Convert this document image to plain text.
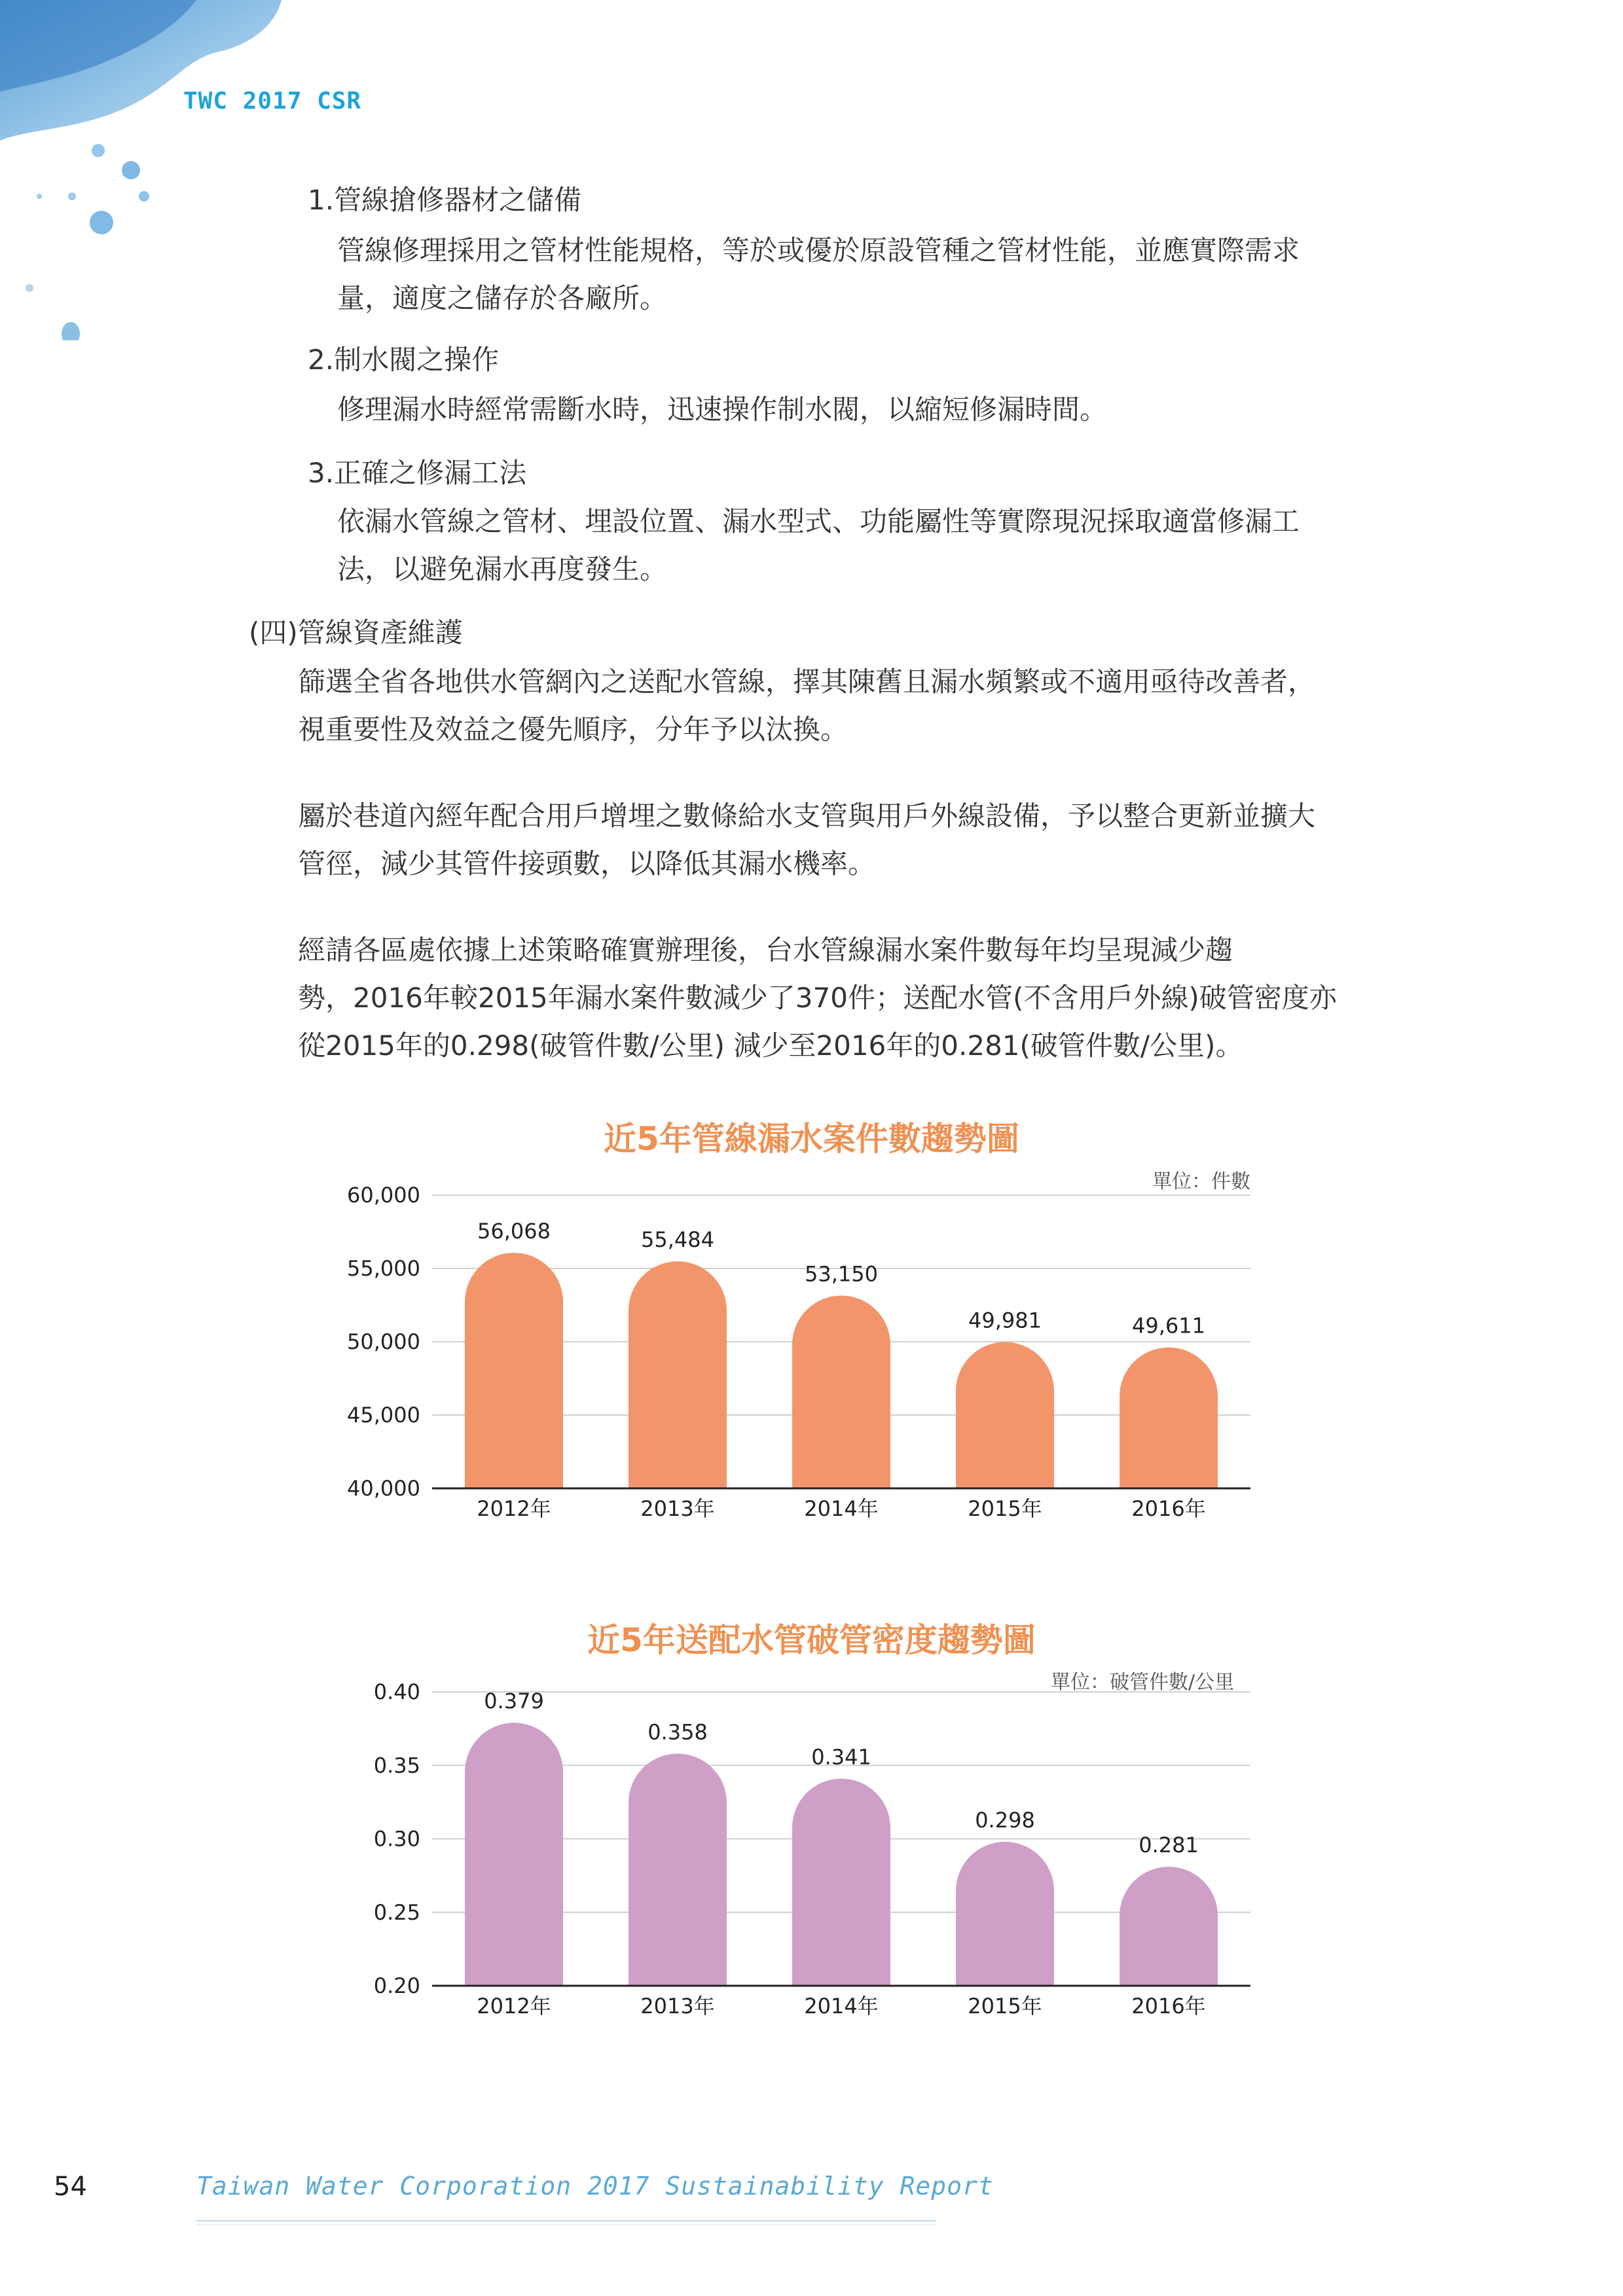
TWC 2017 CSR
1.管線搶修器材之儲備
管線修理採用之管材性能規格，等於或優於原設管種之管材性能，並應實際需求
量，適度之儲存於各廠所。
2.制水閥之操作
修理漏水時經常需斷水時，迅速操作制水閥，以縮短修漏時間。
3.正確之修漏工法
依漏水管線之管材、埋設位置、漏水型式、功能屬性等實際現況採取適當修漏工
法，以避免漏水再度發生。
(四)管線資產維護
篩選全省各地供水管網內之送配水管線，擇其陳舊且漏水頻繁或不適用亟待改善者，
視重要性及效益之優先順序，分年予以汰換。
屬於巷道內經年配合用戶增埋之數條給水支管與用戶外線設備，予以整合更新並擴大
管徑，減少其管件接頭數，以降低其漏水機率。
經請各區處依據上述策略確實辦理後，台水管線漏水案件數每年均呈現減少趨
勢，2016年較2015年漏水案件數減少了370件；送配水管(不含用戶外線)破管密度亦
從2015年的0.298(破管件數/公里) 減少至2016年的0.281(破管件數/公里)。
近5年管線漏水案件數趨勢圖
單位：件數
40,000
45,000
50,000
55,000
60,000
56,068
2012年
55,484
2013年
53,150
2014年
49,981
2015年
49,611
2016年
近5年送配水管破管密度趨勢圖
單位：破管件數/公里
0.20
0.25
0.30
0.35
0.40	0.379
2012年
0.358
2013年
0.341
2014年
0.298
2015年
0.281
2016年
54	Taiwan Water Corporation 2017 Sustainability Report
